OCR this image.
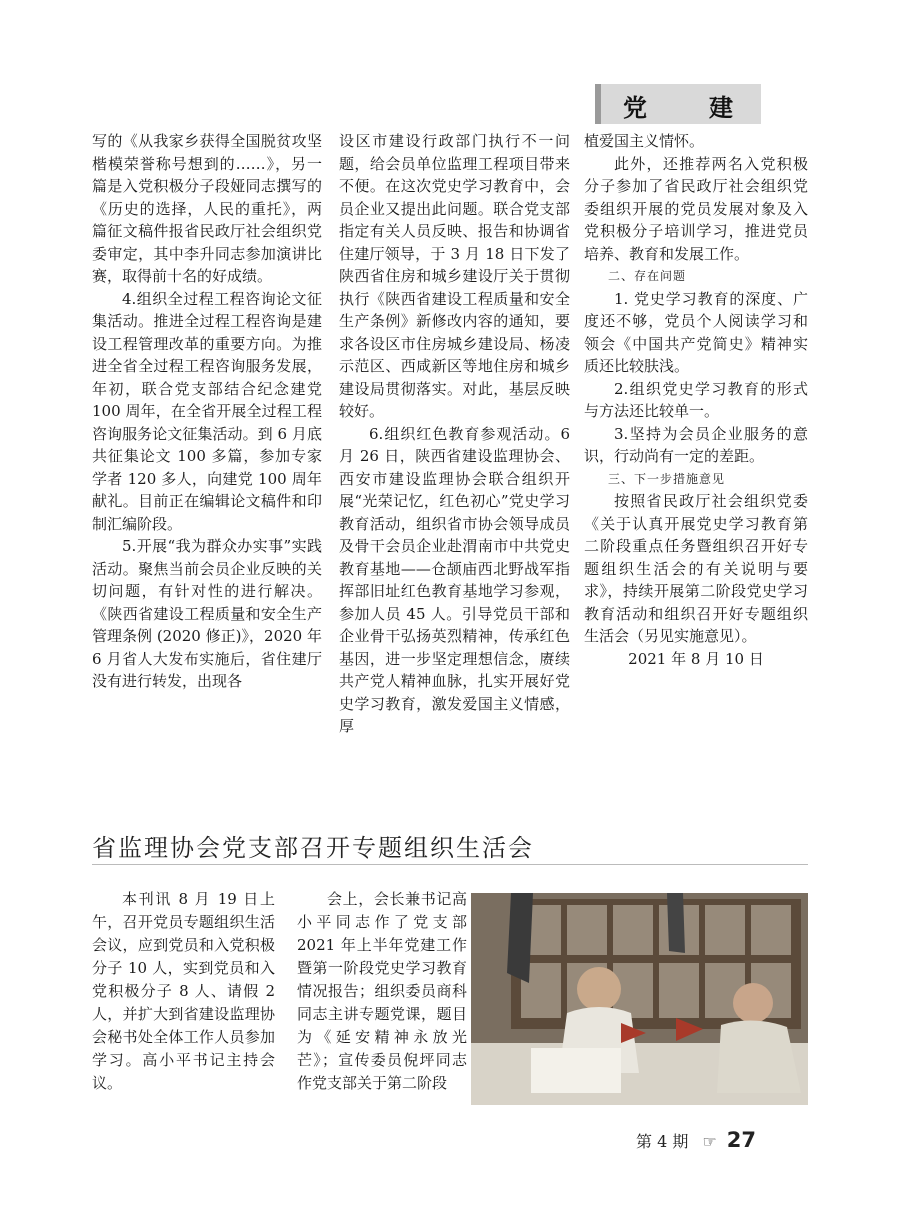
党	建

写的《从我家乡获得全国脱贫攻坚楷模荣誉称号想到的……》，另一篇是入党积极分子段娅同志撰写的《历史的选择，人民的重托》，两篇征文稿件报省民政厅社会组织党委审定，其中李升同志参加演讲比赛，取得前十名的好成绩。

4.组织全过程工程咨询论文征集活动。推进全过程工程咨询是建设工程管理改革的重要方向。为推进全省全过程工程咨询服务发展，年初，联合党支部结合纪念建党 100 周年，在全省开展全过程工程咨询服务论文征集活动。到 6 月底共征集论文 100 多篇，参加专家学者 120 多人，向建党 100 周年献礼。目前正在编辑论文稿件和印制汇编阶段。

5.开展“我为群众办实事”实践活动。聚焦当前会员企业反映的关切问题，有针对性的进行解决。《陕西省建设工程质量和安全生产管理条例 (2020 修正)》，2020 年 6 月省人大发布实施后，省住建厅没有进行转发，出现各

设区市建设行政部门执行不一问题，给会员单位监理工程项目带来不便。在这次党史学习教育中，会员企业又提出此问题。联合党支部指定有关人员反映、报告和协调省住建厅领导，于 3 月 18 日下发了陕西省住房和城乡建设厅关于贯彻执行《陕西省建设工程质量和安全生产条例》新修改内容的通知，要求各设区市住房城乡建设局、杨凌示范区、西咸新区等地住房和城乡建设局贯彻落实。对此，基层反映较好。

6.组织红色教育参观活动。6 月 26 日，陕西省建设监理协会、西安市建设监理协会联合组织开展“光荣记忆，红色初心”党史学习教育活动，组织省市协会领导成员及骨干会员企业赴渭南市中共党史教育基地——仓颉庙西北野战军指挥部旧址红色教育基地学习参观，参加人员 45 人。引导党员干部和企业骨干弘扬英烈精神，传承红色基因，进一步坚定理想信念，赓续共产党人精神血脉，扎实开展好党史学习教育，激发爱国主义情感，厚

植爱国主义情怀。

此外，还推荐两名入党积极分子参加了省民政厅社会组织党委组织开展的党员发展对象及入党积极分子培训学习，推进党员培养、教育和发展工作。

二、存在问题

1. 党史学习教育的深度、广度还不够，党员个人阅读学习和领会《中国共产党简史》精神实质还比较肤浅。

2.组织党史学习教育的形式与方法还比较单一。

3.坚持为会员企业服务的意识，行动尚有一定的差距。

三、下一步措施意见

按照省民政厅社会组织党委《关于认真开展党史学习教育第二阶段重点任务暨组织召开好专题组织生活会的有关说明与要求》，持续开展第二阶段党史学习教育活动和组织召开好专题组织生活会（另见实施意见）。

2021 年 8 月 10 日

省监理协会党支部召开专题组织生活会

本刊讯 8 月 19 日上午，召开党员专题组织生活会议，应到党员和入党积极分子 10 人，实到党员和入党积极分子 8 人、请假 2 人，并扩大到省建设监理协会秘书处全体工作人员参加学习。高小平书记主持会议。

会上，会长兼书记高小平同志作了党支部 2021 年上半年党建工作暨第一阶段党史学习教育情况报告；组织委员商科同志主讲专题党课，题目为《延安精神永放光芒》；宣传委员倪坪同志作党支部关于第二阶段

第 4 期 ☞ 27
